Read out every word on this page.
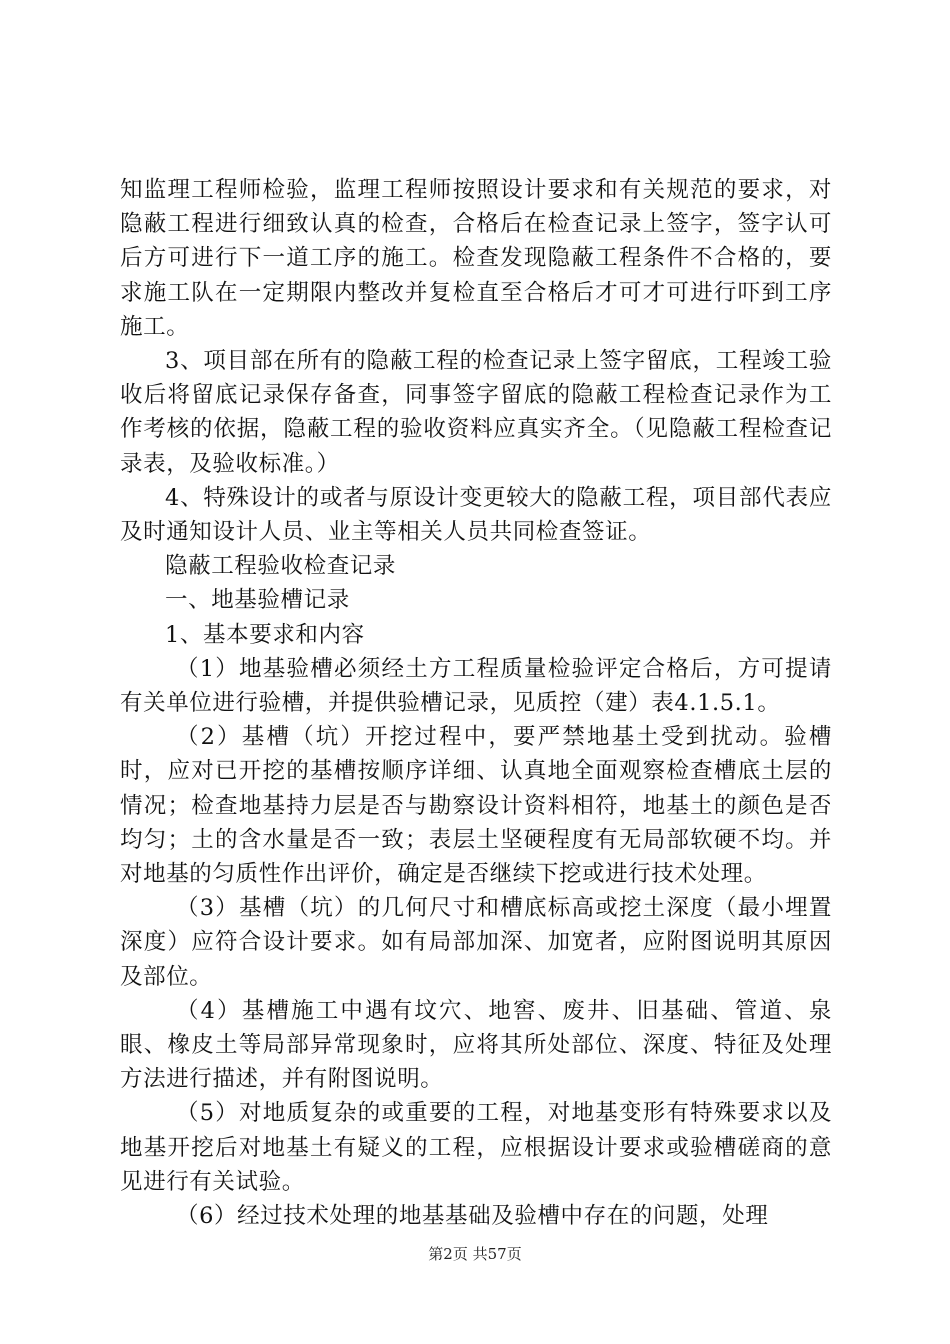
知监理工程师检验，监理工程师按照设计要求和有关规范的要求，对隐蔽工程进行细致认真的检查，合格后在检查记录上签字，签字认可后方可进行下一道工序的施工。检查发现隐蔽工程条件不合格的，要求施工队在一定期限内整改并复检直至合格后才可才可进行吓到工序施工。

3、项目部在所有的隐蔽工程的检查记录上签字留底，工程竣工验收后将留底记录保存备查，同事签字留底的隐蔽工程检查记录作为工作考核的依据，隐蔽工程的验收资料应真实齐全。（见隐蔽工程检查记录表，及验收标准。）

4、特殊设计的或者与原设计变更较大的隐蔽工程，项目部代表应及时通知设计人员、业主等相关人员共同检查签证。

隐蔽工程验收检查记录

一、地基验槽记录

1、基本要求和内容

（1）地基验槽必须经土方工程质量检验评定合格后，方可提请有关单位进行验槽，并提供验槽记录，见质控（建）表4.1.5.1。

（2）基槽（坑）开挖过程中，要严禁地基土受到扰动。验槽时，应对已开挖的基槽按顺序详细、认真地全面观察检查槽底土层的情况；检查地基持力层是否与勘察设计资料相符，地基土的颜色是否均匀；土的含水量是否一致；表层土坚硬程度有无局部软硬不均。并对地基的匀质性作出评价，确定是否继续下挖或进行技术处理。

（3）基槽（坑）的几何尺寸和槽底标高或挖土深度（最小埋置深度）应符合设计要求。如有局部加深、加宽者，应附图说明其原因及部位。

（4）基槽施工中遇有坟穴、地窖、废井、旧基础、管道、泉眼、橡皮土等局部异常现象时，应将其所处部位、深度、特征及处理方法进行描述，并有附图说明。

（5）对地质复杂的或重要的工程，对地基变形有特殊要求以及地基开挖后对地基土有疑义的工程，应根据设计要求或验槽磋商的意见进行有关试验。

（6）经过技术处理的地基基础及验槽中存在的问题，处理

第2页 共57页
